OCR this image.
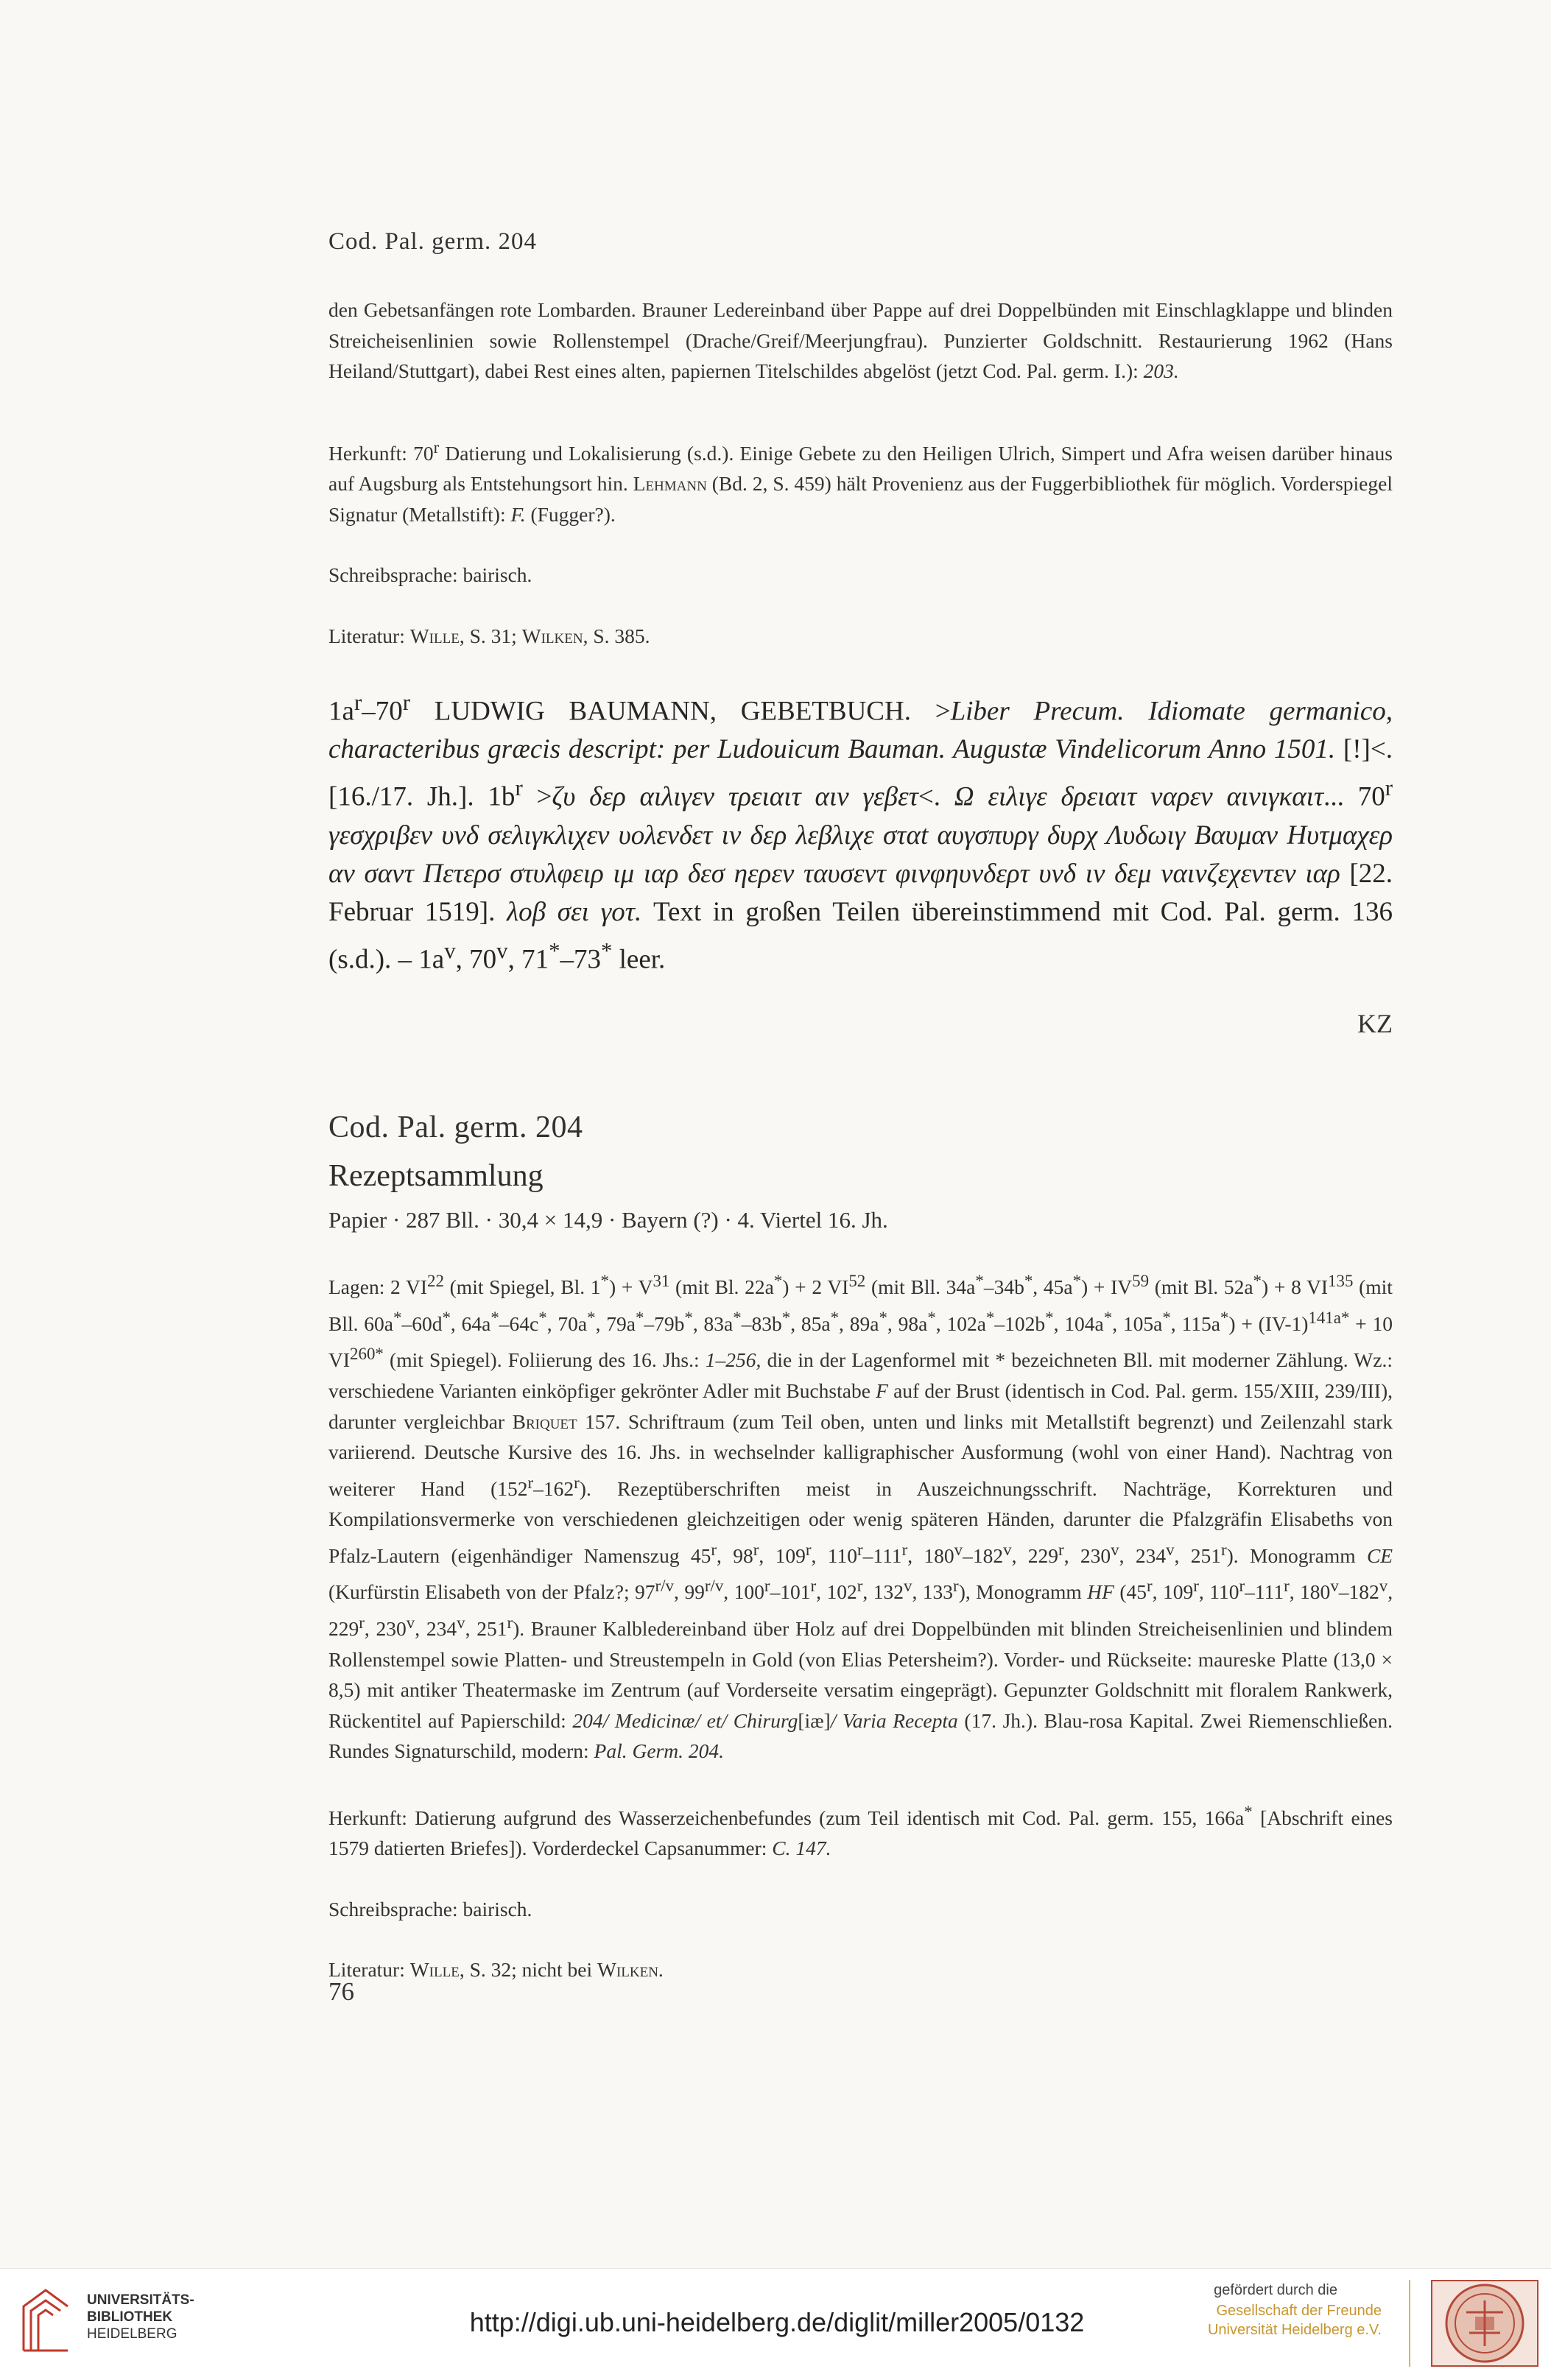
Cod. Pal. germ. 204

den Gebetsanfängen rote Lombarden. Brauner Ledereinband über Pappe auf drei Doppelbünden mit Einschlagklappe und blinden Streicheisenlinien sowie Rollenstempel (Drache/Greif/Meerjungfrau). Punzierter Goldschnitt. Restaurierung 1962 (Hans Heiland/Stuttgart), dabei Rest eines alten, papiernen Titelschildes abgelöst (jetzt Cod. Pal. germ. I.): 203.

Herkunft: 70$^r$ Datierung und Lokalisierung (s.d.). Einige Gebete zu den Heiligen Ulrich, Simpert und Afra weisen darüber hinaus auf Augsburg als Entstehungsort hin. Lehmann (Bd. 2, S. 459) hält Provenienz aus der Fuggerbibliothek für möglich. Vorderspiegel Signatur (Metallstift): F. (Fugger?).

Schreibsprache: bairisch.

Literatur: Wille, S. 31; Wilken, S. 385.

$1a^r-70^r$ LUDWIG BAUMANN, GEBETBUCH. >Liber Precum. Idiomate germanico, characteribus græcis descript: per Ludouicum Bauman. Augustæ Vindelicorum Anno 1501. [!]<. [16./17. Jh.]. $1b^r >\zeta\upsilon$ δερ αιλιγεν τρειαιτ αιν γεβετ<. Ω ειλιγε δρειαιτ ναρεν αινιγκαιτ... 70$^r$ γεσχριβεν υνδ σελιγκλιχεν υολενδετ ιν δερ λεβλιχε σταt αυγσπυργ δυρχ Λυδωιγ Βαυμαν Ηυτμαχερ αν σαντ Πετερσ στυλφειρ ιμ ιαρ δεσ ηερεν ταυσεντ φινφηυνδερτ υνδ ιν δεμ ναινζεχεντεν ιαρ [22. Februar 1519]. λοβ σει γοτ. Text in großen Teilen übereinstimmend mit Cod. Pal. germ. 136 (s.d.). – $1a^v$, 70$^v$, 71*–73* leer.

KZ

Cod. Pal. germ. 204

Rezeptsammlung

Papier · 287 Bll. · 30,4 × 14,9 · Bayern (?) · 4. Viertel 16. Jh.

Lagen: 2 VI$^{22}$ (mit Spiegel, Bl. $1^*) + V^{31}$ (mit Bl. 22a*) + 2 VI$^{52}$ (mit Bll. 34a*–34b*, $45a^*) + IV^{59}$ (mit Bl. 52a*) + 8 VI$^{135}$ (mit Bll. 60a*–60d*, 64a*–64c*, 70a*, 79a*–79b*, 83a*–83b*, 85a*, 89a*, 98a*, 102a*–102b*, 104a*, 105a*, $115a^*) + (IV-1)^{141a*} + 10$ $VI^{260*}$ (mit Spiegel). Foliierung des 16. Jhs.: 1–256, die in der Lagenformel mit * bezeichneten Bll. mit moderner Zählung. Wz.: verschiedene Varianten einköpfiger gekrönter Adler mit Buchstabe F auf der Brust (identisch in Cod. Pal. germ. 155/XIII, 239/III), darunter vergleichbar Briquet 157. Schriftraum (zum Teil oben, unten und links mit Metallstift begrenzt) und Zeilenzahl stark variierend. Deutsche Kursive des 16. Jhs. in wechselnder kalligraphischer Ausformung (wohl von einer Hand). Nachtrag von weiterer Hand (152$^r$–162$^r$). Rezeptüberschriften meist in Auszeichnungsschrift. Nachträge, Korrekturen und Kompilationsvermerke von verschiedenen gleichzeitigen oder wenig späteren Händen, darunter die Pfalzgräfin Elisabeths von Pfalz-Lautern (eigenhändiger Namenszug 45$^r$, 98$^r$, 109$^r$, 110$^r$–111$^r$, 180$^v$–182$^v$, 229$^r$, 230$^v$, 234$^v$, 251$^r$). Monogramm CE (Kurfürstin Elisabeth von der Pfalz?; $97^{r/v}$, $99^{r/v}$, 100$^r$–101$^r$, 102$^r$, 132$^v$, 133$^r$), Monogramm HF (45$^r$, 109$^r$, 110$^r$–111$^r$, 180$^v$–182$^v$, 229$^r$, 230$^v$, 234$^v$, 251$^r$). Brauner Kalbledereinband über Holz auf drei Doppelbünden mit blinden Streicheisenlinien und blindem Rollenstempel sowie Platten- und Streustempeln in Gold (von Elias Petersheim?). Vorder- und Rückseite: maureske Platte (13,0 × 8,5) mit antiker Theatermaske im Zentrum (auf Vorderseite versatim eingeprägt). Gepunzter Goldschnitt mit floralem Rankwerk, Rückentitel auf Papierschild: 204/ Medicinæ/ et/ Chirurg[iæ]/ Varia Recepta (17. Jh.). Blau-rosa Kapital. Zwei Riemenschließen. Rundes Signaturschild, modern: Pal. Germ. 204.

Herkunft: Datierung aufgrund des Wasserzeichenbefundes (zum Teil identisch mit Cod. Pal. germ. 155, 166a* [Abschrift eines 1579 datierten Briefes]). Vorderdeckel Capsanummer: C. 147.

Schreibsprache: bairisch.

Literatur: Wille, S. 32; nicht bei Wilken.

76
UNIVERSITÄTS-
BIBLIOTHEK
HEIDELBERG	http://digi.ub.uni-heidelberg.de/diglit/miller2005/0132
gefördert durch die
Gesellschaft der Freunde
Universität Heidelberg e.V.
